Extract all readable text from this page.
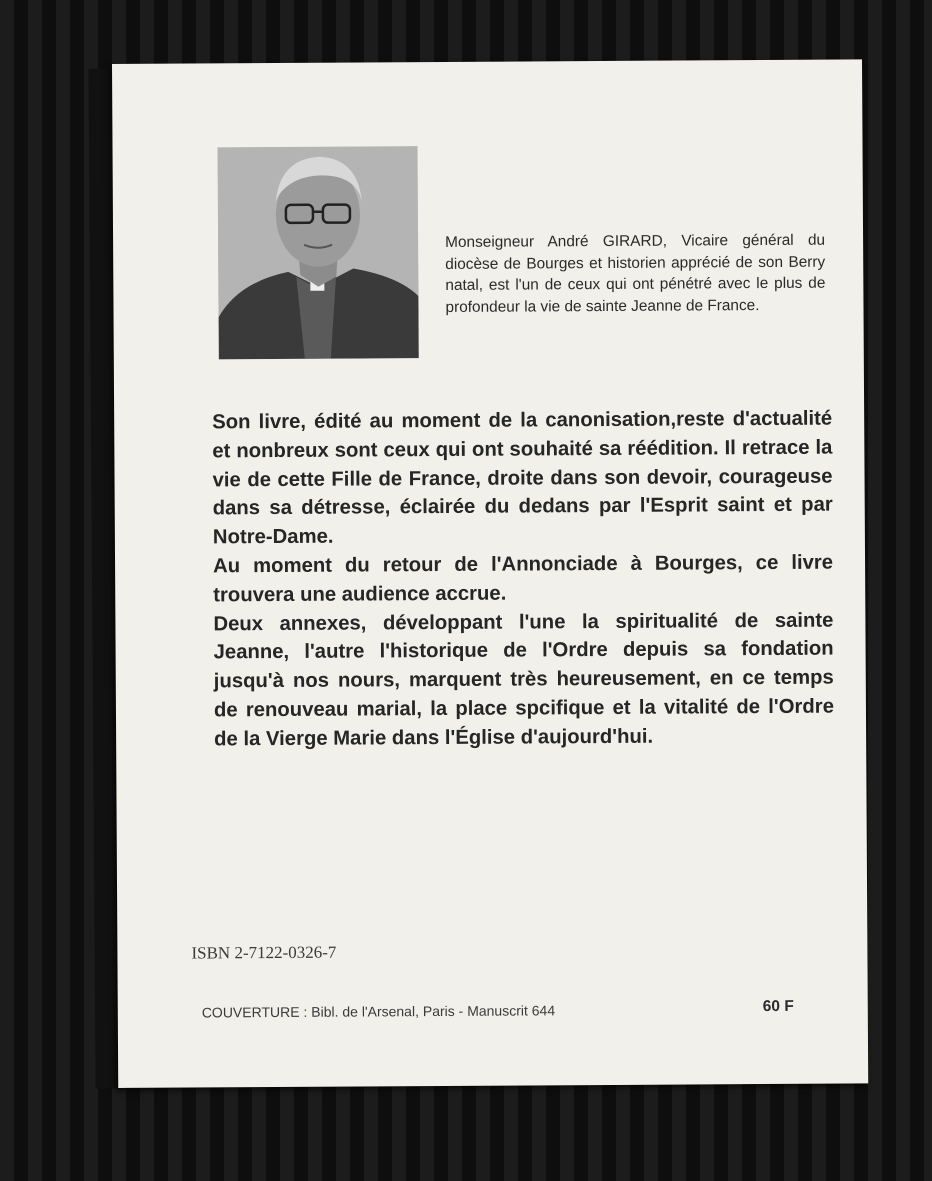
Monseigneur André GIRARD, Vicaire général du diocèse de Bourges et historien apprécié de son Berry natal, est l'un de ceux qui ont pénétré avec le plus de profondeur la vie de sainte Jeanne de France.

Son livre, édité au moment de la canonisation,reste d'actualité et nonbreux sont ceux qui ont souhaité sa réédition. Il retrace la vie de cette Fille de France, droite dans son devoir, courageuse dans sa détresse, éclairée du dedans par l'Esprit saint et par Notre-Dame.

Au moment du retour de l'Annonciade à Bourges, ce livre trouvera une audience accrue.

Deux annexes, développant l'une la spiritualité de sainte Jeanne, l'autre l'historique de l'Ordre depuis sa fondation jusqu'à nos nours, marquent très heureusement, en ce temps de renouveau marial, la place spcifique et la vitalité de l'Ordre de la Vierge Marie dans l'Église d'aujourd'hui.

ISBN 2-7122-0326-7
COUVERTURE : Bibl. de l'Arsenal, Paris - Manuscrit 644	60 F
